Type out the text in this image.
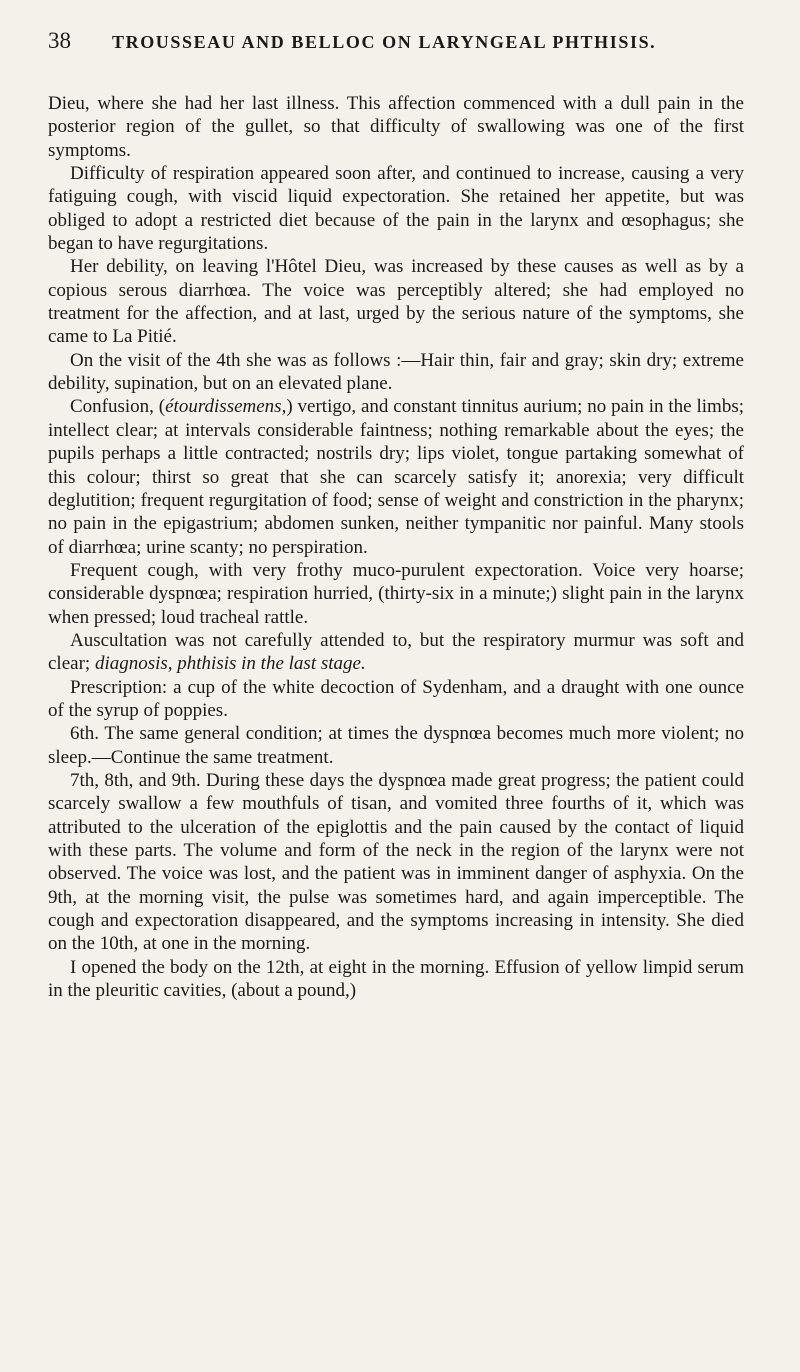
38	TROUSSEAU AND BELLOC ON LARYNGEAL PHTHISIS.

Dieu, where she had her last illness. This affection commenced with a dull pain in the posterior region of the gullet, so that difficulty of swallowing was one of the first symptoms.

Difficulty of respiration appeared soon after, and continued to increase, causing a very fatiguing cough, with viscid liquid expectoration. She retained her appetite, but was obliged to adopt a restricted diet because of the pain in the larynx and œsophagus; she began to have regurgitations.

Her debility, on leaving l'Hôtel Dieu, was increased by these causes as well as by a copious serous diarrhœa. The voice was perceptibly altered; she had employed no treatment for the affection, and at last, urged by the serious nature of the symptoms, she came to La Pitié.

On the visit of the 4th she was as follows :—Hair thin, fair and gray; skin dry; extreme debility, supination, but on an elevated plane.

Confusion, (étourdissemens,) vertigo, and constant tinnitus aurium; no pain in the limbs; intellect clear; at intervals considerable faintness; nothing remarkable about the eyes; the pupils perhaps a little contracted; nostrils dry; lips violet, tongue partaking somewhat of this colour; thirst so great that she can scarcely satisfy it; anorexia; very difficult deglutition; frequent regurgitation of food; sense of weight and constriction in the pharynx; no pain in the epigastrium; abdomen sunken, neither tympanitic nor painful. Many stools of diarrhœa; urine scanty; no perspiration.

Frequent cough, with very frothy muco-purulent expectoration. Voice very hoarse; considerable dyspnœa; respiration hurried, (thirty-six in a minute;) slight pain in the larynx when pressed; loud tracheal rattle.

Auscultation was not carefully attended to, but the respiratory murmur was soft and clear; diagnosis, phthisis in the last stage.

Prescription: a cup of the white decoction of Sydenham, and a draught with one ounce of the syrup of poppies.

6th. The same general condition; at times the dyspnœa becomes much more violent; no sleep.—Continue the same treatment.

7th, 8th, and 9th. During these days the dyspnœa made great progress; the patient could scarcely swallow a few mouthfuls of tisan, and vomited three fourths of it, which was attributed to the ulceration of the epiglottis and the pain caused by the contact of liquid with these parts. The volume and form of the neck in the region of the larynx were not observed. The voice was lost, and the patient was in imminent danger of asphyxia. On the 9th, at the morning visit, the pulse was sometimes hard, and again imperceptible. The cough and expectoration disappeared, and the symptoms increasing in intensity. She died on the 10th, at one in the morning.

I opened the body on the 12th, at eight in the morning. Effusion of yellow limpid serum in the pleuritic cavities, (about a pound,)
